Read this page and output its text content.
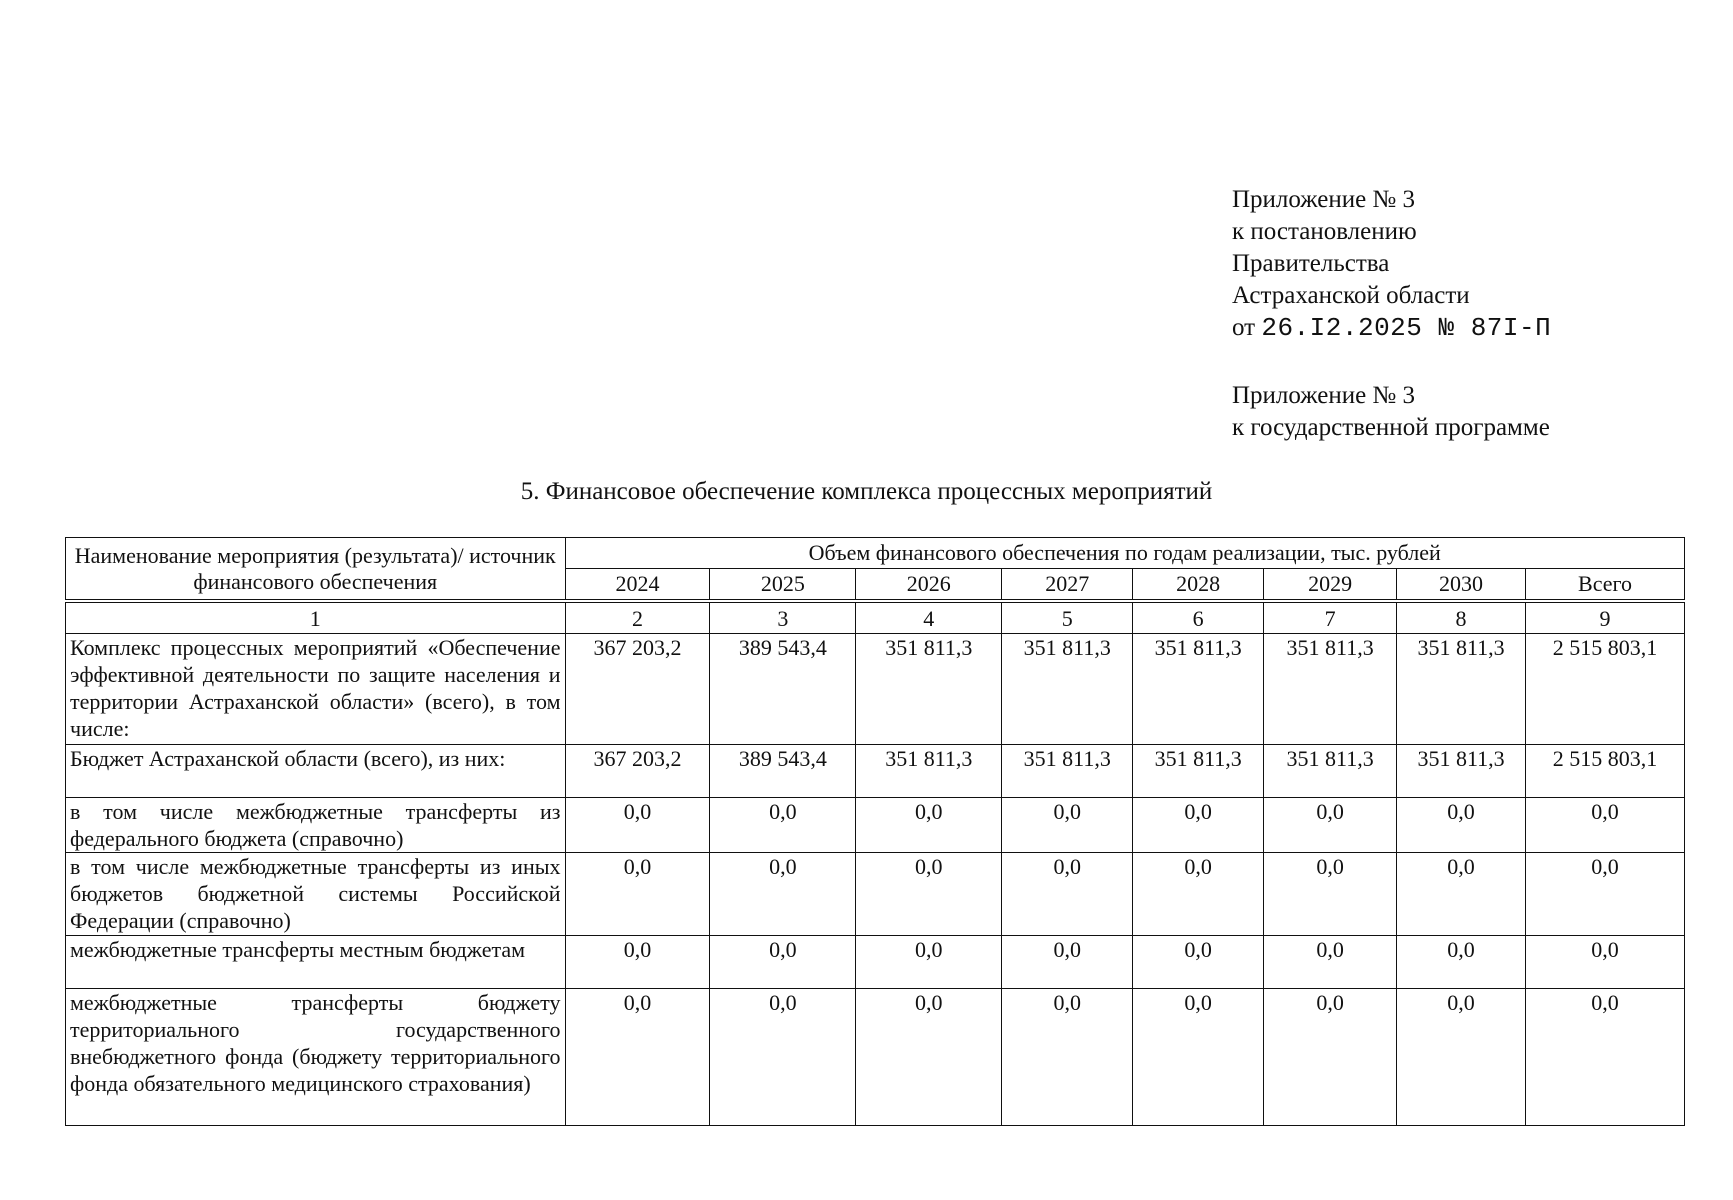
Приложение № 3
к постановлению
Правительства
Астраханской области
от 26.I2.2025 № 87I-П
Приложение № 3
к государственной программе
5. Финансовое обеспечение комплекса процессных мероприятий
Наименование мероприятия (результата)/ источник финансового обеспечения	Объем финансового обеспечения по годам реализации, тыс. рублей							
	2024	2025	2026	2027	2028	2029	2030	Всего
1	2	3	4	5	6	7	8	9
Комплекс процессных мероприятий «Обеспечение эффективной деятельности по защите населения и территории Астраханской области» (всего), в том числе:	367 203,2	389 543,4	351 811,3	351 811,3	351 811,3	351 811,3	351 811,3	2 515 803,1
Бюджет Астраханской области (всего), из них:	367 203,2	389 543,4	351 811,3	351 811,3	351 811,3	351 811,3	351 811,3	2 515 803,1
в том числе межбюджетные трансферты из федерального бюджета (справочно)	0,0	0,0	0,0	0,0	0,0	0,0	0,0	0,0
в том числе межбюджетные трансферты из иных бюджетов бюджетной системы Российской Федерации (справочно)	0,0	0,0	0,0	0,0	0,0	0,0	0,0	0,0
межбюджетные трансферты местным бюджетам	0,0	0,0	0,0	0,0	0,0	0,0	0,0	0,0
межбюджетные трансферты бюджету территориального государственного внебюджетного фонда (бюджету территориального фонда обязательного медицинского страхования)	0,0	0,0	0,0	0,0	0,0	0,0	0,0	0,0
